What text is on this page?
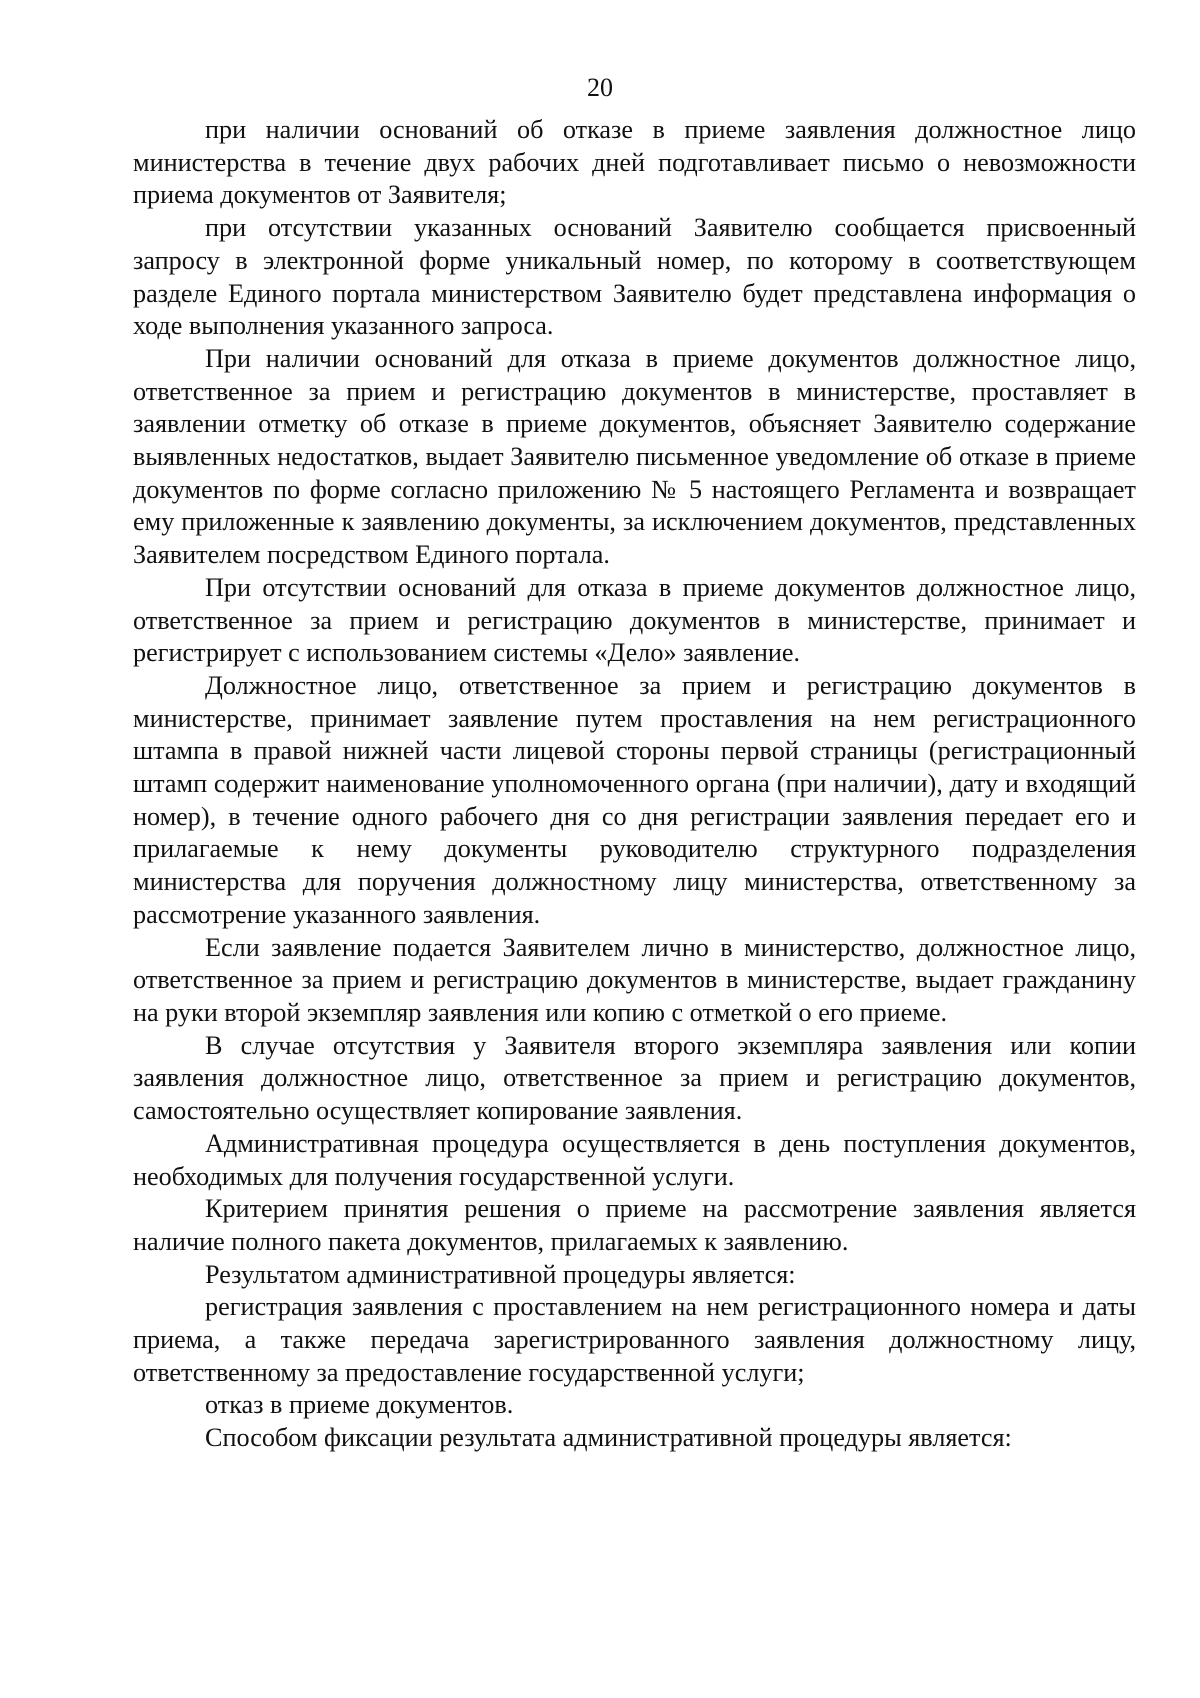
20

при наличии оснований об отказе в приеме заявления должностное лицо министерства в течение двух рабочих дней подготавливает письмо о невозможности приема документов от Заявителя;

при отсутствии указанных оснований Заявителю сообщается присвоенный запросу в электронной форме уникальный номер, по которому в соответствующем разделе Единого портала министерством Заявителю будет представлена информация о ходе выполнения указанного запроса.

При наличии оснований для отказа в приеме документов должностное лицо, ответственное за прием и регистрацию документов в министерстве, проставляет в заявлении отметку об отказе в приеме документов, объясняет Заявителю содержание выявленных недостатков, выдает Заявителю письменное уведомление об отказе в приеме документов по форме согласно приложению № 5 настоящего Регламента и возвращает ему приложенные к заявлению документы, за исключением документов, представленных Заявителем посредством Единого портала.

При отсутствии оснований для отказа в приеме документов должностное лицо, ответственное за прием и регистрацию документов в министерстве, принимает и регистрирует с использованием системы «Дело» заявление.

Должностное лицо, ответственное за прием и регистрацию документов в министерстве, принимает заявление путем проставления на нем регистрационного штампа в правой нижней части лицевой стороны первой страницы (регистрационный штамп содержит наименование уполномоченного органа (при наличии), дату и входящий номер), в течение одного рабочего дня со дня регистрации заявления передает его и прилагаемые к нему документы руководителю структурного подразделения министерства для поручения должностному лицу министерства, ответственному за рассмотрение указанного заявления.

Если заявление подается Заявителем лично в министерство, должностное лицо, ответственное за прием и регистрацию документов в министерстве, выдает гражданину на руки второй экземпляр заявления или копию с отметкой о его приеме.

В случае отсутствия у Заявителя второго экземпляра заявления или копии заявления должностное лицо, ответственное за прием и регистрацию документов, самостоятельно осуществляет копирование заявления.

Административная процедура осуществляется в день поступления документов, необходимых для получения государственной услуги.

Критерием принятия решения о приеме на рассмотрение заявления является наличие полного пакета документов, прилагаемых к заявлению.

Результатом административной процедуры является:

регистрация заявления с проставлением на нем регистрационного номера и даты приема, а также передача зарегистрированного заявления должностному лицу, ответственному за предоставление государственной услуги;

отказ в приеме документов.

Способом фиксации результата административной процедуры является:
